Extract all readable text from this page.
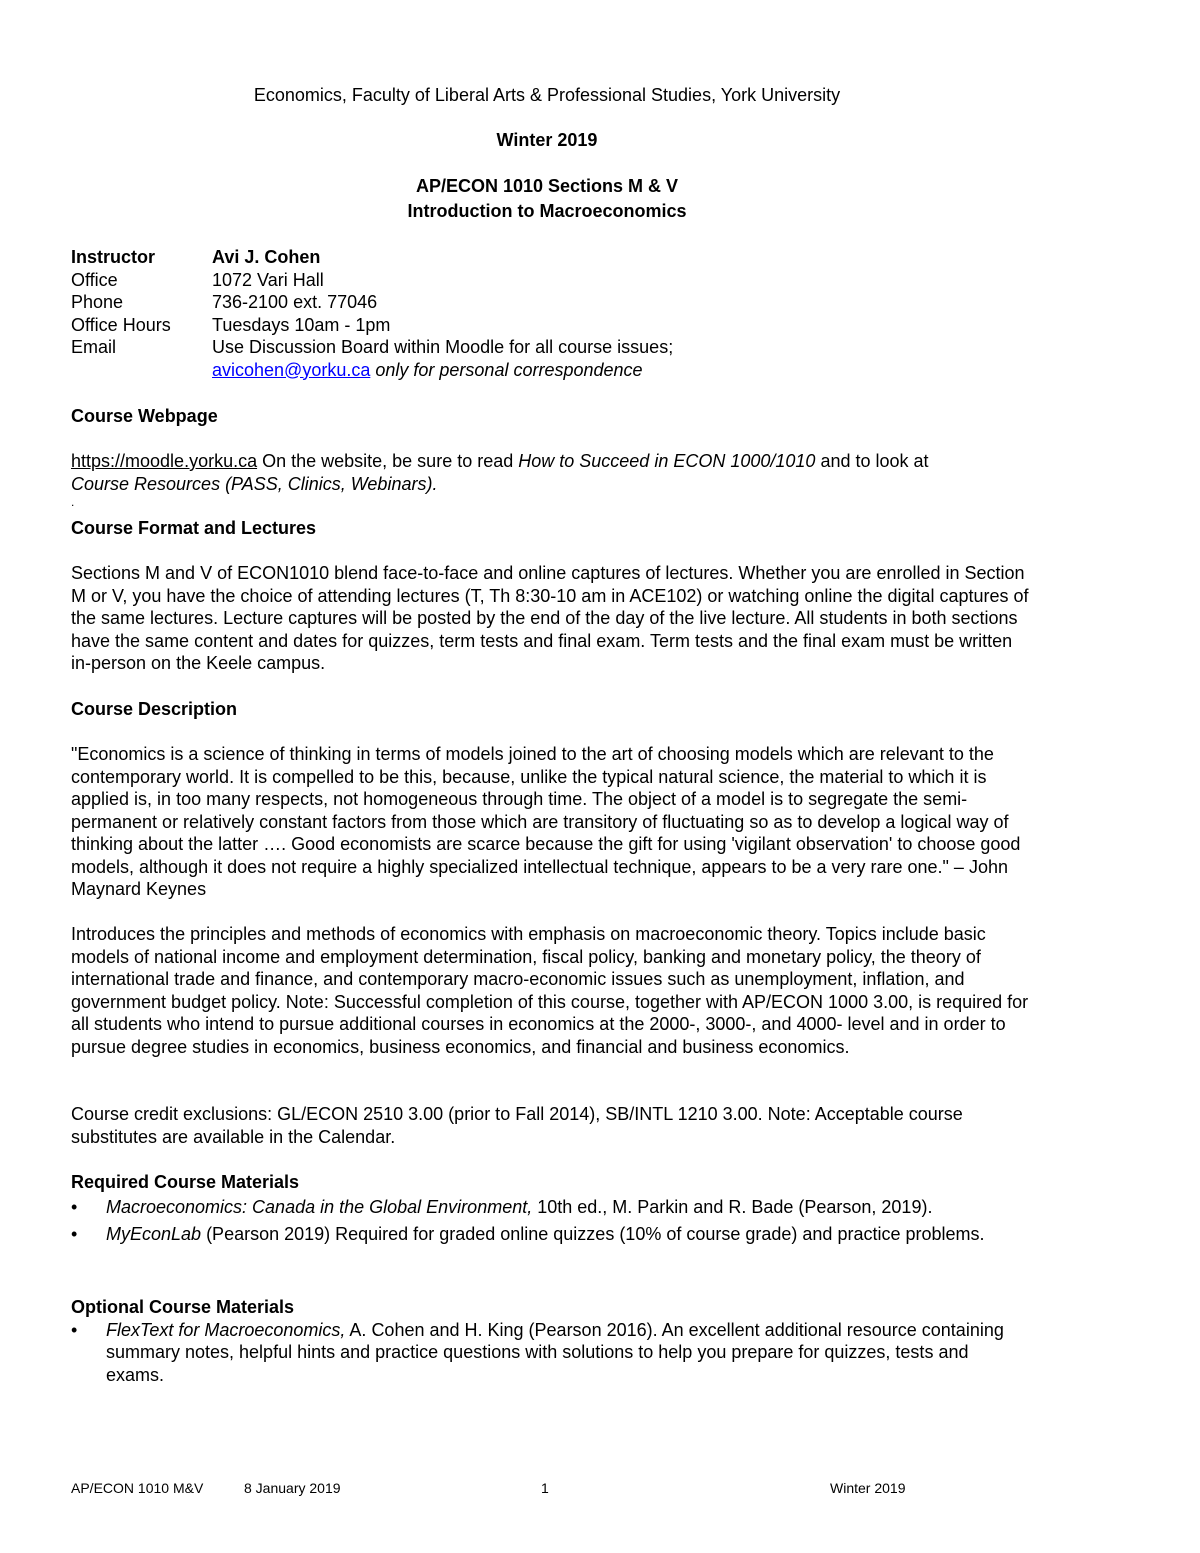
Economics, Faculty of Liberal Arts & Professional Studies, York University
Winter 2019
AP/ECON 1010 Sections M & V
Introduction to Macroeconomics
Instructor	Avi J. Cohen
Office	1072 Vari Hall
Phone	736-2100 ext. 77046
Office Hours	Tuesdays 10am - 1pm
Email	Use Discussion Board within Moodle for all course issues;
avicohen@yorku.ca only for personal correspondence
Course Webpage

https://moodle.yorku.ca On the website, be sure to read How to Succeed in ECON 1000/1010 and to look at
Course Resources (PASS, Clinics, Webinars).

.
Course Format and Lectures

Sections M and V of ECON1010 blend face-to-face and online captures of lectures. Whether you are enrolled in Section M or V, you have the choice of attending lectures (T, Th 8:30-10 am in ACE102) or watching online the digital captures of the same lectures. Lecture captures will be posted by the end of the day of the live lecture. All students in both sections have the same content and dates for quizzes, term tests and final exam. Term tests and the final exam must be written in-person on the Keele campus.

Course Description

"Economics is a science of thinking in terms of models joined to the art of choosing models which are relevant to the contemporary world. It is compelled to be this, because, unlike the typical natural science, the material to which it is applied is, in too many respects, not homogeneous through time. The object of a model is to segregate the semi-permanent or relatively constant factors from those which are transitory of fluctuating so as to develop a logical way of thinking about the latter …. Good economists are scarce because the gift for using 'vigilant observation' to choose good models, although it does not require a highly specialized intellectual technique, appears to be a very rare one." – John Maynard Keynes

Introduces the principles and methods of economics with emphasis on macroeconomic theory. Topics include basic models of national income and employment determination, fiscal policy, banking and monetary policy, the theory of international trade and finance, and contemporary macro-economic issues such as unemployment, inflation, and government budget policy. Note: Successful completion of this course, together with AP/ECON 1000 3.00, is required for all students who intend to pursue additional courses in economics at the 2000-, 3000-, and 4000- level and in order to pursue degree studies in economics, business economics, and financial and business economics.

Course credit exclusions: GL/ECON 2510 3.00 (prior to Fall 2014), SB/INTL 1210 3.00. Note: Acceptable course substitutes are available in the Calendar.

Required Course Materials
•	Macroeconomics: Canada in the Global Environment, 10th ed., M. Parkin and R. Bade (Pearson, 2019).
•	MyEconLab (Pearson 2019) Required for graded online quizzes (10% of course grade) and practice problems.
Optional Course Materials
•	FlexText for Macroeconomics, A. Cohen and H. King (Pearson 2016). An excellent additional resource containing summary notes, helpful hints and practice questions with solutions to help you prepare for quizzes, tests and exams.
AP/ECON 1010 M&V	8 January 2019	1	Winter 2019
